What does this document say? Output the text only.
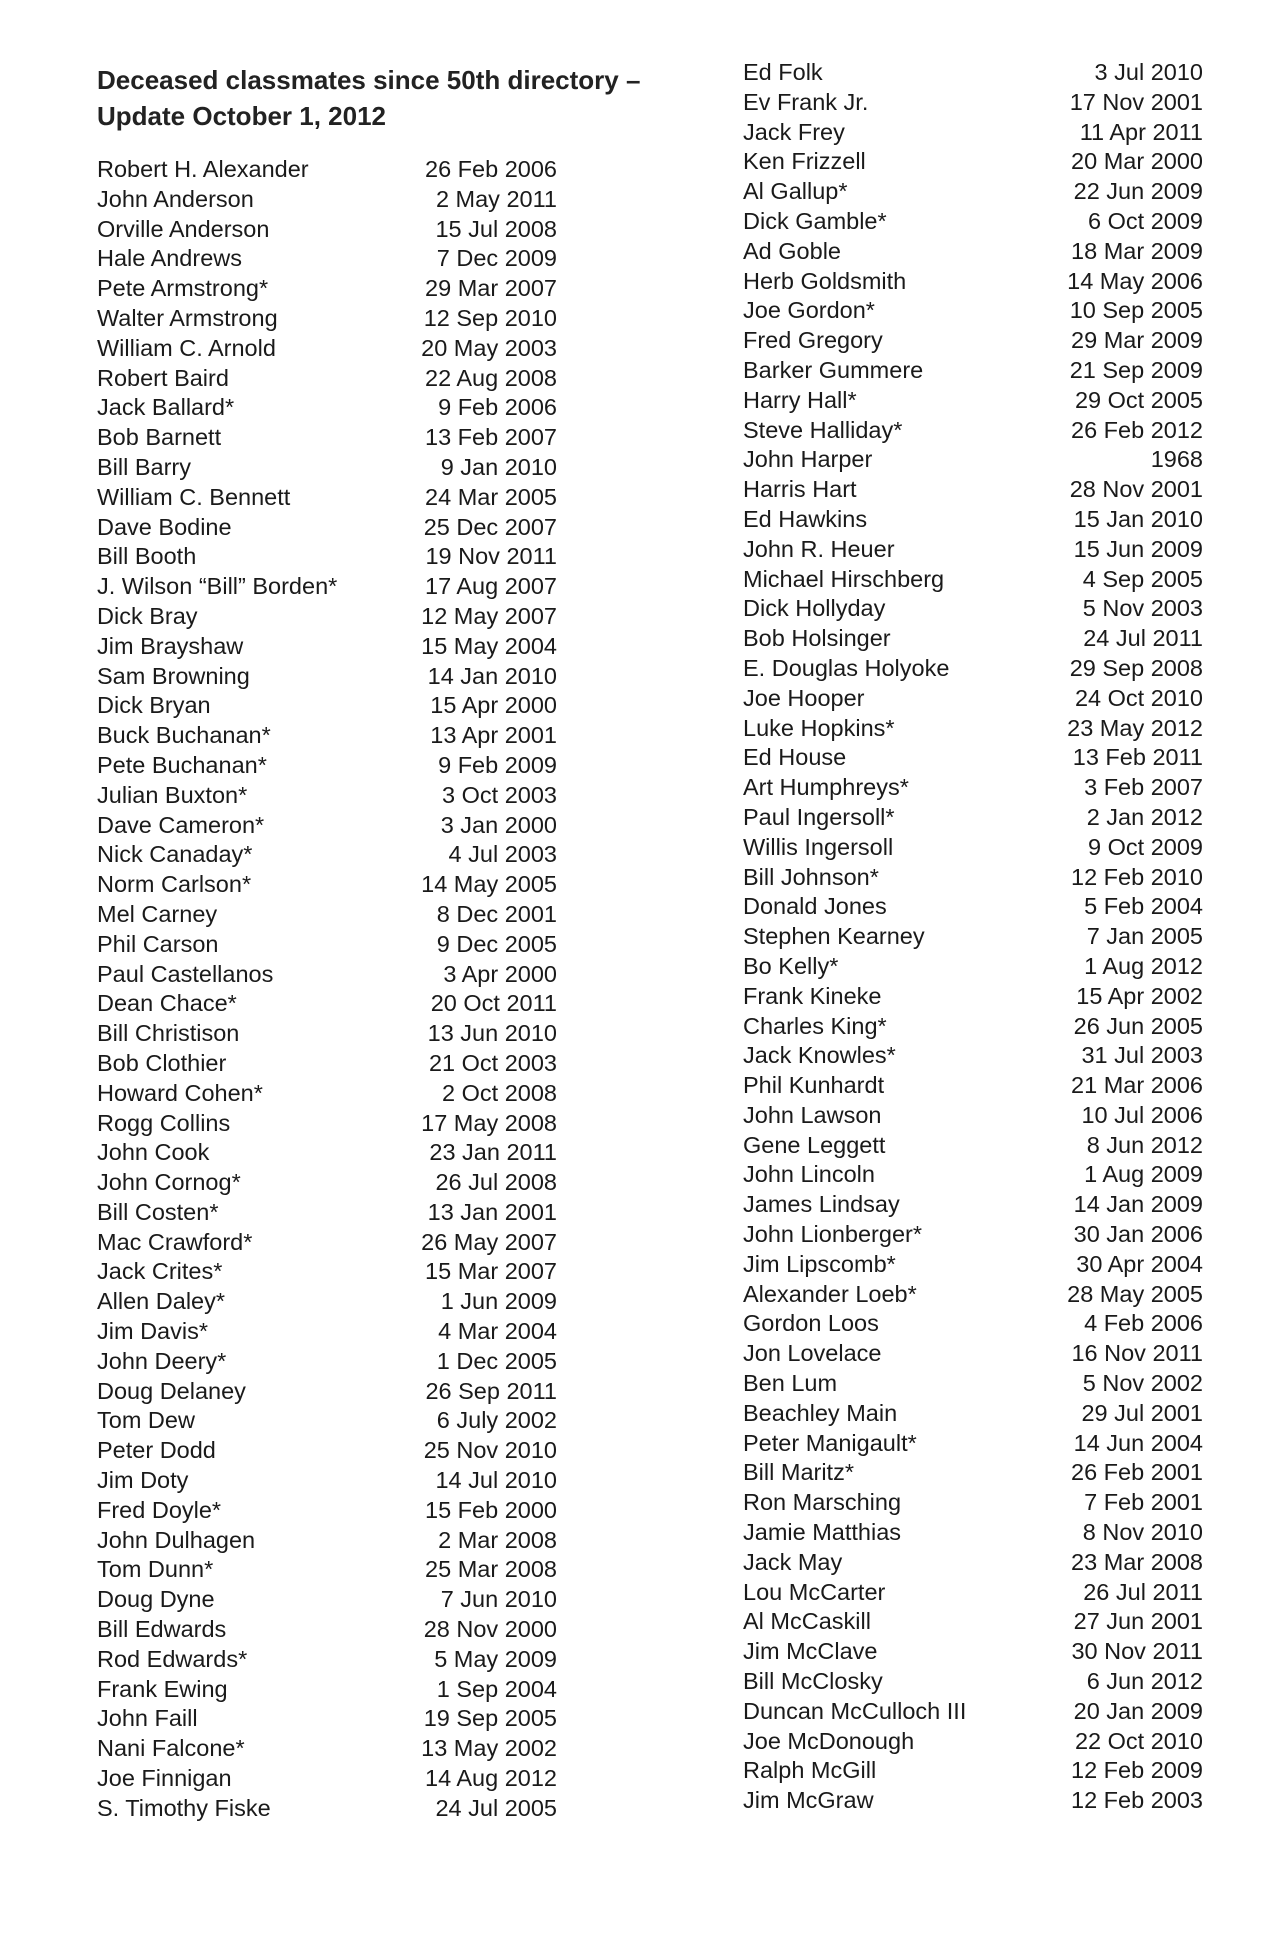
Deceased classmates since 50th directory –
Update October 1, 2012
Robert H. Alexander	26 Feb 2006
John Anderson	2 May 2011
Orville Anderson	15 Jul 2008
Hale Andrews	7 Dec 2009
Pete Armstrong*	29 Mar 2007
Walter Armstrong	12 Sep 2010
William C. Arnold	20 May 2003
Robert Baird	22 Aug 2008
Jack Ballard*	9 Feb 2006
Bob Barnett	13 Feb 2007
Bill Barry	9 Jan 2010
William C. Bennett	24 Mar 2005
Dave Bodine	25 Dec 2007
Bill Booth	19 Nov 2011
J. Wilson “Bill” Borden*	17 Aug 2007
Dick Bray	12 May 2007
Jim Brayshaw	15 May 2004
Sam Browning	14 Jan 2010
Dick Bryan	15 Apr 2000
Buck Buchanan*	13 Apr 2001
Pete Buchanan*	9 Feb 2009
Julian Buxton*	3 Oct 2003
Dave Cameron*	3 Jan 2000
Nick Canaday*	4 Jul 2003
Norm Carlson*	14 May 2005
Mel Carney	8 Dec 2001
Phil Carson	9 Dec 2005
Paul Castellanos	3 Apr 2000
Dean Chace*	20 Oct 2011
Bill Christison	13 Jun 2010
Bob Clothier	21 Oct 2003
Howard Cohen*	2 Oct 2008
Rogg Collins	17 May 2008
John Cook	23 Jan 2011
John Cornog*	26 Jul 2008
Bill Costen*	13 Jan 2001
Mac Crawford*	26 May 2007
Jack Crites*	15 Mar 2007
Allen Daley*	1 Jun 2009
Jim Davis*	4 Mar 2004
John Deery*	1 Dec 2005
Doug Delaney	26 Sep 2011
Tom Dew	6 July 2002
Peter Dodd	25 Nov 2010
Jim Doty	14 Jul 2010
Fred Doyle*	15 Feb 2000
John Dulhagen	2 Mar 2008
Tom Dunn*	25 Mar 2008
Doug Dyne	7 Jun 2010
Bill Edwards	28 Nov 2000
Rod Edwards*	5 May 2009
Frank Ewing	1 Sep 2004
John Faill	19 Sep 2005
Nani Falcone*	13 May 2002
Joe Finnigan	14 Aug 2012
S. Timothy Fiske	24 Jul 2005
Ed Folk	3 Jul 2010
Ev Frank Jr.	17 Nov 2001
Jack Frey	11 Apr 2011
Ken Frizzell	20 Mar 2000
Al Gallup*	22 Jun 2009
Dick Gamble*	6 Oct 2009
Ad Goble	18 Mar 2009
Herb Goldsmith	14 May 2006
Joe Gordon*	10 Sep 2005
Fred Gregory	29 Mar 2009
Barker Gummere	21 Sep 2009
Harry Hall*	29 Oct 2005
Steve Halliday*	26 Feb 2012
John Harper	1968
Harris Hart	28 Nov 2001
Ed Hawkins	15 Jan 2010
John R. Heuer	15 Jun 2009
Michael Hirschberg	4 Sep 2005
Dick Hollyday	5 Nov 2003
Bob Holsinger	24 Jul 2011
E. Douglas Holyoke	29 Sep 2008
Joe Hooper	24 Oct 2010
Luke Hopkins*	23 May 2012
Ed House	13 Feb 2011
Art Humphreys*	3 Feb 2007
Paul Ingersoll*	2 Jan 2012
Willis Ingersoll	9 Oct 2009
Bill Johnson*	12 Feb 2010
Donald Jones	5 Feb 2004
Stephen Kearney	7 Jan 2005
Bo Kelly*	1 Aug 2012
Frank Kineke	15 Apr 2002
Charles King*	26 Jun 2005
Jack Knowles*	31 Jul 2003
Phil Kunhardt	21 Mar 2006
John Lawson	10 Jul 2006
Gene Leggett	8 Jun 2012
John Lincoln	1 Aug 2009
James Lindsay	14 Jan 2009
John Lionberger*	30 Jan 2006
Jim Lipscomb*	30 Apr 2004
Alexander Loeb*	28 May 2005
Gordon Loos	4 Feb 2006
Jon Lovelace	16 Nov 2011
Ben Lum	5 Nov 2002
Beachley Main	29 Jul 2001
Peter Manigault*	14 Jun 2004
Bill Maritz*	26 Feb 2001
Ron Marsching	7 Feb 2001
Jamie Matthias	8 Nov 2010
Jack May	23 Mar 2008
Lou McCarter	26 Jul 2011
Al McCaskill	27 Jun 2001
Jim McClave	30 Nov 2011
Bill McClosky	6 Jun 2012
Duncan McCulloch III	20 Jan 2009
Joe McDonough	22 Oct 2010
Ralph McGill	12 Feb 2009
Jim McGraw	12 Feb 2003
